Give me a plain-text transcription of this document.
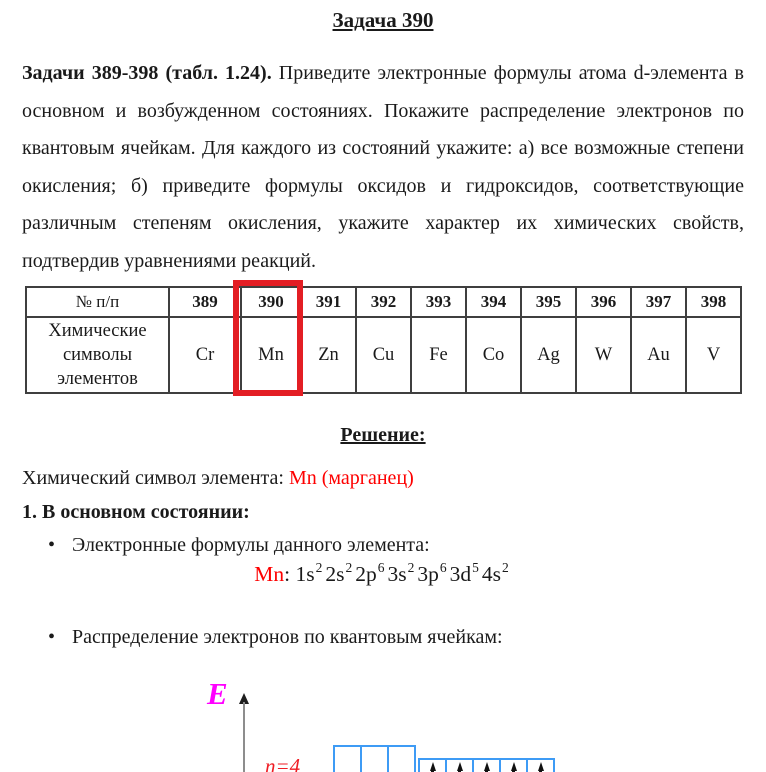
Задача 390

Задачи 389-398 (табл. 1.24). Приведите электронные формулы атома d-элемента в основном и возбужденном состояниях. Покажите распределение электронов по квантовым ячейкам. Для каждого из состояний укажите: а) все возможные степени окисления; б) приведите формулы оксидов и гидроксидов, соответствующие различным степеням окисления, укажите характер их химических свойств, подтвердив уравнениями реакций.

№ п/п	389	390	391	392	393	394	395	396	397	398
Химические символы элементов	Cr	Mn	Zn	Cu	Fe	Co	Ag	W	Au	V
Решение:

Химический символ элемента: Mn (марганец)

1. В основном состоянии:

• Электронные формулы данного элемента:
Mn: $1s^2$ $2s^2$ $2p^6$ $3s^2$ $3p^6$ $3d^5$ $4s^2$
• Распределение электронов по квантовым ячейкам:
E
n=4
